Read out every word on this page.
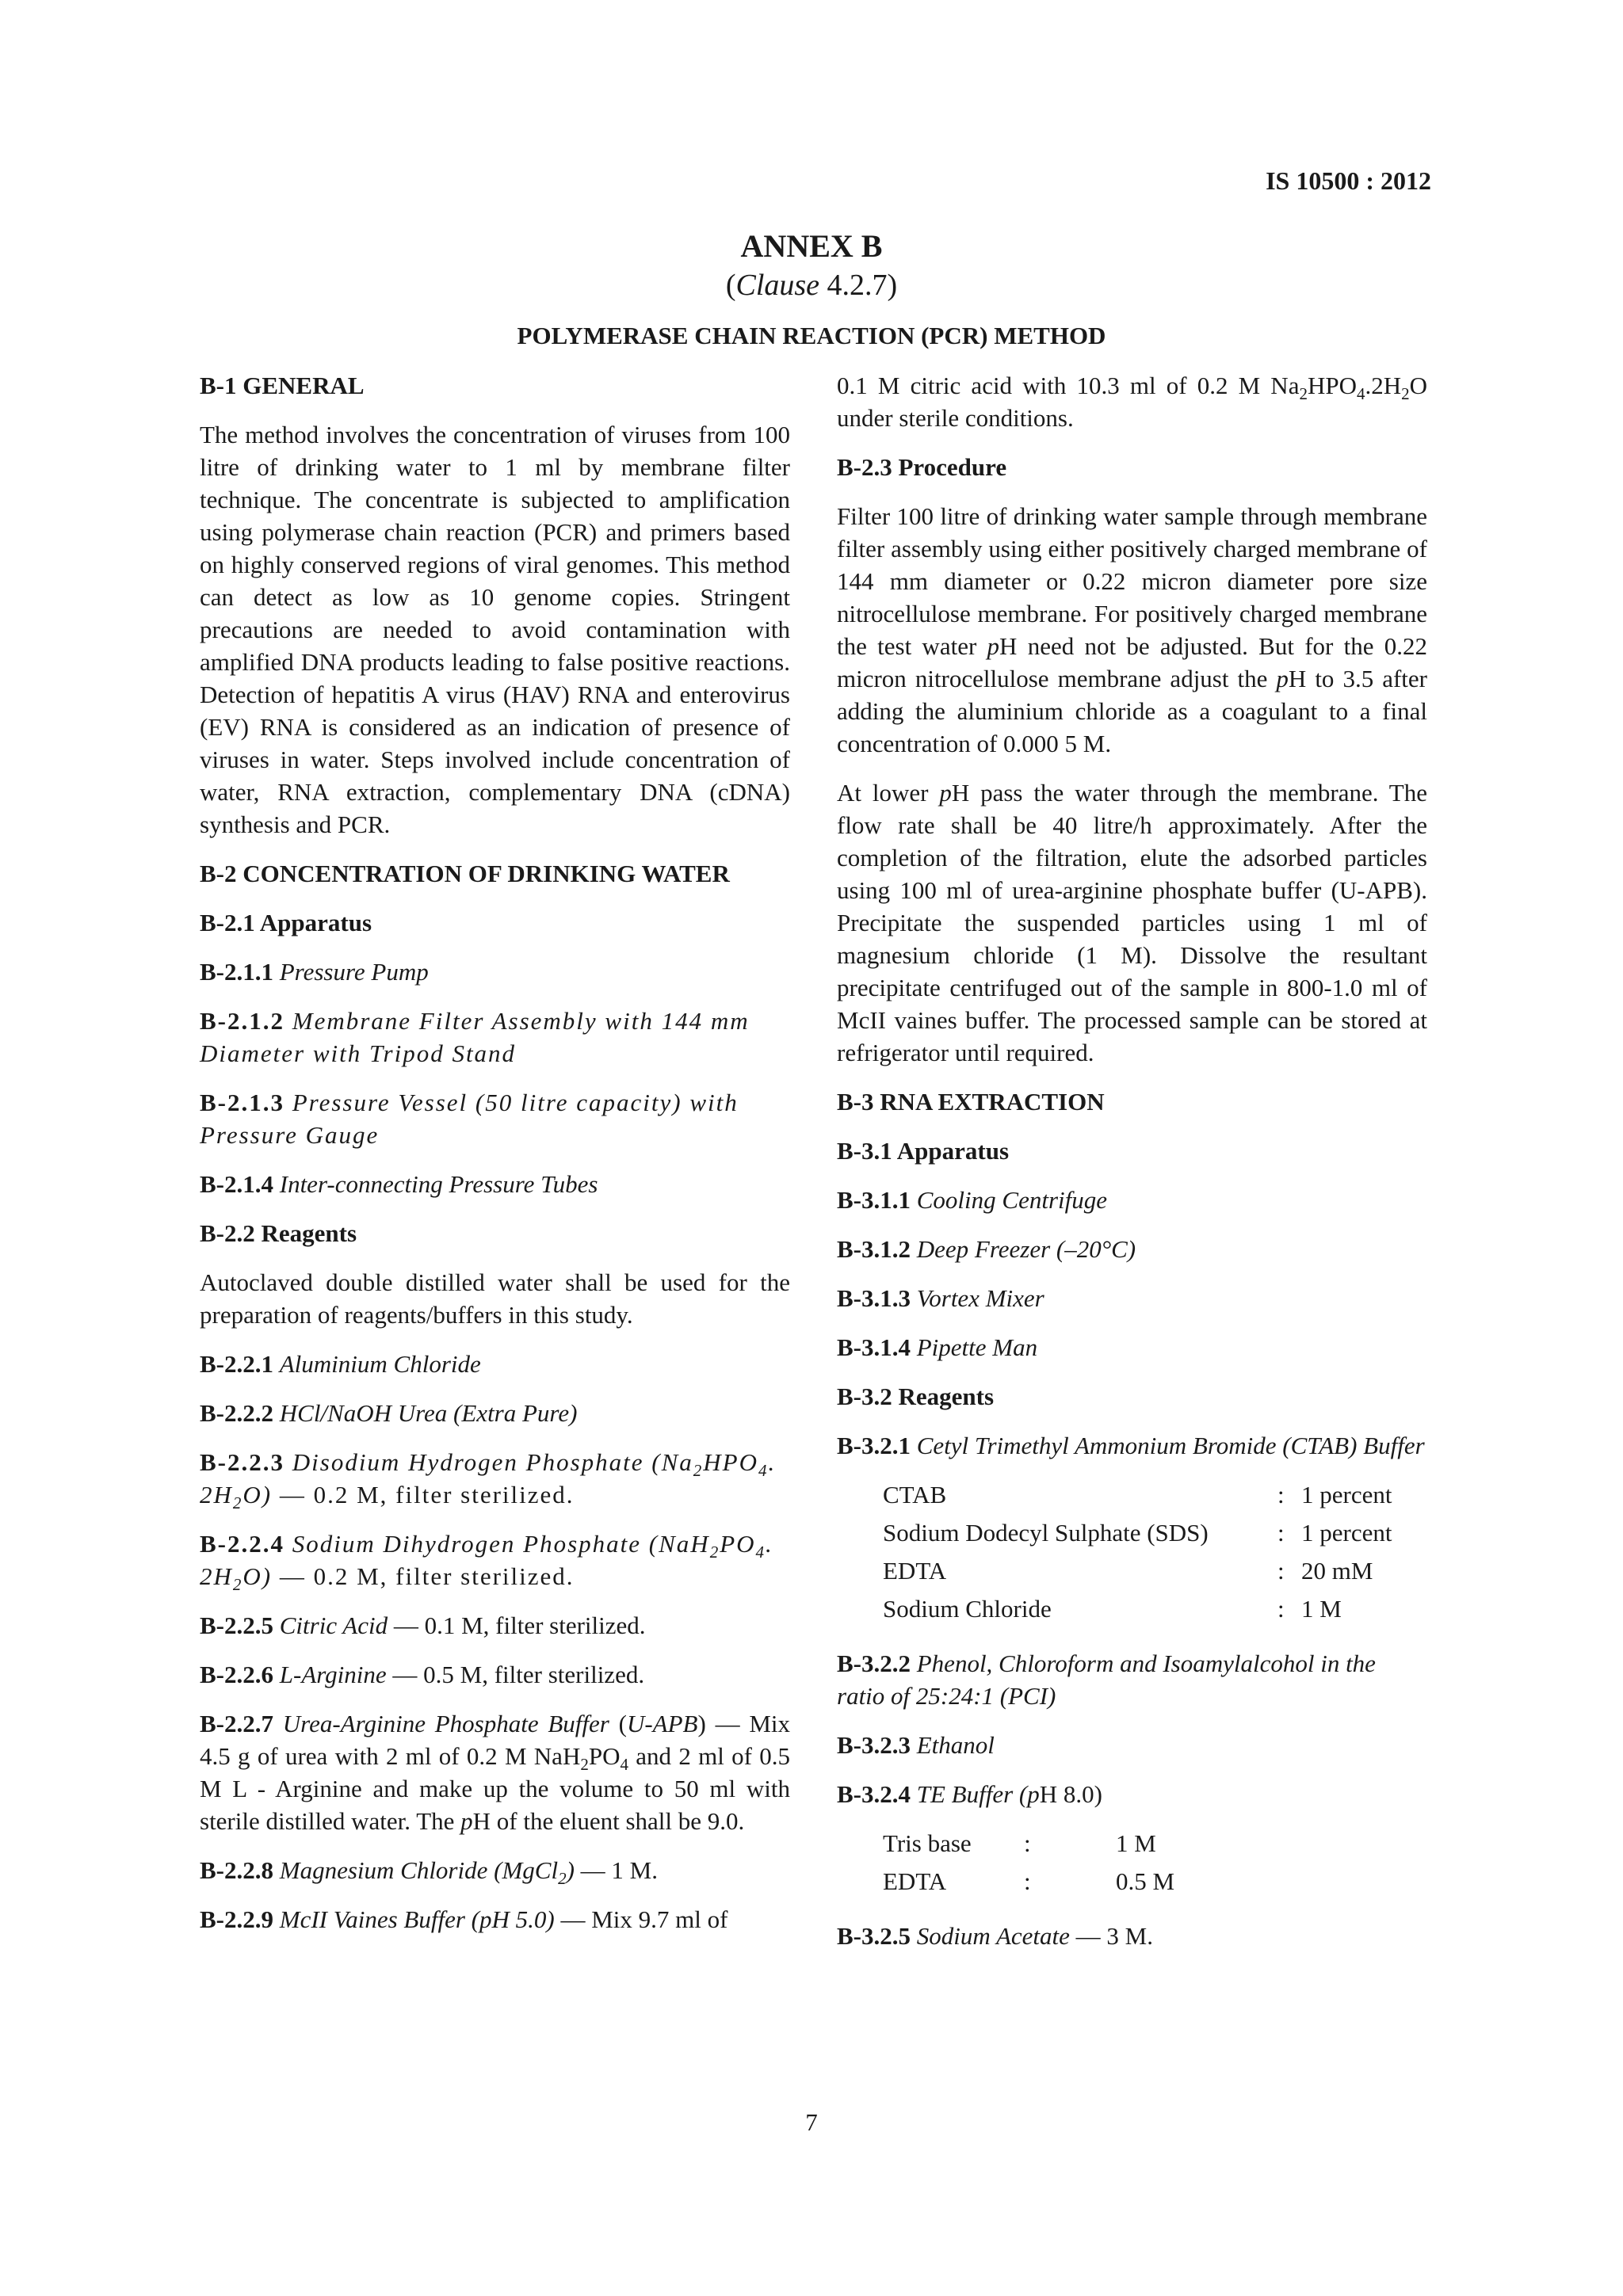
IS 10500 : 2012
ANNEX B
(Clause 4.2.7)
POLYMERASE CHAIN REACTION (PCR) METHOD
B-1 GENERAL

The method involves the concentration of viruses from 100 litre of drinking water to 1 ml by membrane filter technique. The concentrate is subjected to amplification using polymerase chain reaction (PCR) and primers based on highly conserved regions of viral genomes. This method can detect as low as 10 genome copies. Stringent precautions are needed to avoid contamination with amplified DNA products leading to false positive reactions. Detection of hepatitis A virus (HAV) RNA and enterovirus (EV) RNA is considered as an indication of presence of viruses in water. Steps involved include concentration of water, RNA extraction, complementary DNA (cDNA) synthesis and PCR.

B-2 CONCENTRATION OF DRINKING WATER
B-2.1 Apparatus
B-2.1.1 Pressure Pump
B-2.1.2 Membrane Filter Assembly with 144 mm Diameter with Tripod Stand
B-2.1.3 Pressure Vessel (50 litre capacity) with Pressure Gauge
B-2.1.4 Inter-connecting Pressure Tubes
B-2.2 Reagents

Autoclaved double distilled water shall be used for the preparation of reagents/buffers in this study.

B-2.2.1 Aluminium Chloride
B-2.2.2 HCl/NaOH Urea (Extra Pure)
B-2.2.3 Disodium Hydrogen Phosphate ($Na_2HPO_4$. $2H_2O$) — 0.2 M, filter sterilized.
B-2.2.4 Sodium Dihydrogen Phosphate ($NaH_2PO_4$. $2H_2O$) — 0.2 M, filter sterilized.
B-2.2.5 Citric Acid — 0.1 M, filter sterilized.
B-2.2.6 L-Arginine — 0.5 M, filter sterilized.
B-2.2.7 Urea-Arginine Phosphate Buffer (U-APB) — Mix 4.5 g of urea with 2 ml of 0.2 M $NaH_2PO_4$ and 2 ml of 0.5 M L - Arginine and make up the volume to 50 ml with sterile distilled water. The pH of the eluent shall be 9.0.
B-2.2.8 Magnesium Chloride (MgCl$_2$) — 1 M.
B-2.2.9 McII Vaines Buffer (pH 5.0) — Mix 9.7 ml of

0.1 M citric acid with 10.3 ml of 0.2 M $Na_2HPO_4.2H_2O$ under sterile conditions.

B-2.3 Procedure

Filter 100 litre of drinking water sample through membrane filter assembly using either positively charged membrane of 144 mm diameter or 0.22 micron diameter pore size nitrocellulose membrane. For positively charged membrane the test water pH need not be adjusted. But for the 0.22 micron nitrocellulose membrane adjust the pH to 3.5 after adding the aluminium chloride as a coagulant to a final concentration of 0.000 5 M.

At lower pH pass the water through the membrane. The flow rate shall be 40 litre/h approximately. After the completion of the filtration, elute the adsorbed particles using 100 ml of urea-arginine phosphate buffer (U-APB). Precipitate the suspended particles using 1 ml of magnesium chloride (1 M). Dissolve the resultant precipitate centrifuged out of the sample in 800-1.0 ml of McII vaines buffer. The processed sample can be stored at refrigerator until required.

B-3 RNA EXTRACTION
B-3.1 Apparatus
B-3.1.1 Cooling Centrifuge
B-3.1.2 Deep Freezer (–20°C)
B-3.1.3 Vortex Mixer
B-3.1.4 Pipette Man
B-3.2 Reagents
B-3.2.1 Cetyl Trimethyl Ammonium Bromide (CTAB) Buffer
CTAB	:	1 percent
Sodium Dodecyl Sulphate (SDS)	:	1 percent
EDTA	:	20 mM
Sodium Chloride	:	1 M
B-3.2.2 Phenol, Chloroform and Isoamylalcohol in the ratio of 25:24:1 (PCI)
B-3.2.3 Ethanol
B-3.2.4 TE Buffer (pH 8.0)
Tris base	:	1 M
EDTA	:	0.5 M
B-3.2.5 Sodium Acetate — 3 M.
7
